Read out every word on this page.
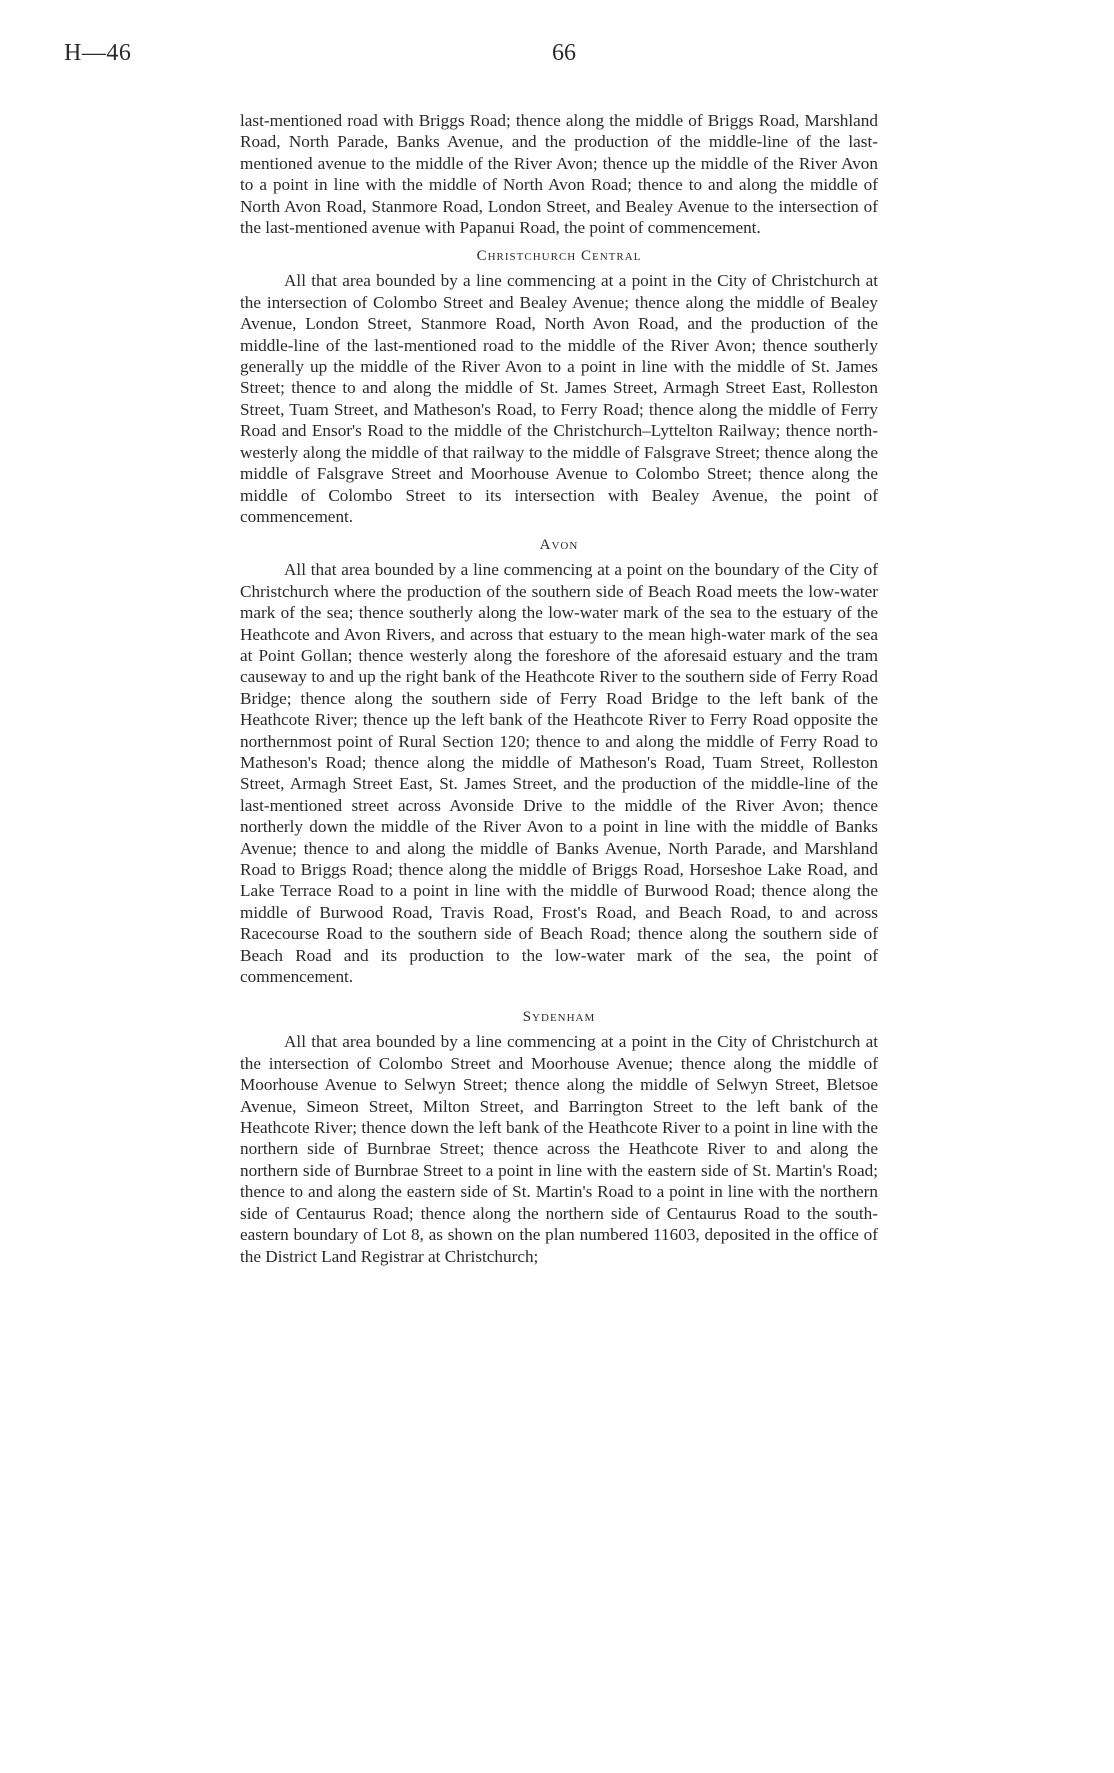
H—46	66

last-mentioned road with Briggs Road; thence along the middle of Briggs Road, Marshland Road, North Parade, Banks Avenue, and the production of the middle-line of the last-mentioned avenue to the middle of the River Avon; thence up the middle of the River Avon to a point in line with the middle of North Avon Road; thence to and along the middle of North Avon Road, Stanmore Road, London Street, and Bealey Avenue to the intersection of the last-mentioned avenue with Papanui Road, the point of commencement.

Christchurch Central

All that area bounded by a line commencing at a point in the City of Christchurch at the intersection of Colombo Street and Bealey Avenue; thence along the middle of Bealey Avenue, London Street, Stanmore Road, North Avon Road, and the production of the middle-line of the last-mentioned road to the middle of the River Avon; thence southerly generally up the middle of the River Avon to a point in line with the middle of St. James Street; thence to and along the middle of St. James Street, Armagh Street East, Rolleston Street, Tuam Street, and Matheson's Road, to Ferry Road; thence along the middle of Ferry Road and Ensor's Road to the middle of the Christchurch–Lyttelton Railway; thence north-westerly along the middle of that railway to the middle of Falsgrave Street; thence along the middle of Falsgrave Street and Moorhouse Avenue to Colombo Street; thence along the middle of Colombo Street to its intersection with Bealey Avenue, the point of commencement.

Avon

All that area bounded by a line commencing at a point on the boundary of the City of Christchurch where the production of the southern side of Beach Road meets the low-water mark of the sea; thence southerly along the low-water mark of the sea to the estuary of the Heathcote and Avon Rivers, and across that estuary to the mean high-water mark of the sea at Point Gollan; thence westerly along the foreshore of the aforesaid estuary and the tram causeway to and up the right bank of the Heathcote River to the southern side of Ferry Road Bridge; thence along the southern side of Ferry Road Bridge to the left bank of the Heathcote River; thence up the left bank of the Heathcote River to Ferry Road opposite the northernmost point of Rural Section 120; thence to and along the middle of Ferry Road to Matheson's Road; thence along the middle of Matheson's Road, Tuam Street, Rolleston Street, Armagh Street East, St. James Street, and the production of the middle-line of the last-mentioned street across Avonside Drive to the middle of the River Avon; thence northerly down the middle of the River Avon to a point in line with the middle of Banks Avenue; thence to and along the middle of Banks Avenue, North Parade, and Marshland Road to Briggs Road; thence along the middle of Briggs Road, Horseshoe Lake Road, and Lake Terrace Road to a point in line with the middle of Burwood Road; thence along the middle of Burwood Road, Travis Road, Frost's Road, and Beach Road, to and across Racecourse Road to the southern side of Beach Road; thence along the southern side of Beach Road and its production to the low-water mark of the sea, the point of commencement.

Sydenham

All that area bounded by a line commencing at a point in the City of Christchurch at the intersection of Colombo Street and Moorhouse Avenue; thence along the middle of Moorhouse Avenue to Selwyn Street; thence along the middle of Selwyn Street, Bletsoe Avenue, Simeon Street, Milton Street, and Barrington Street to the left bank of the Heathcote River; thence down the left bank of the Heathcote River to a point in line with the northern side of Burnbrae Street; thence across the Heathcote River to and along the northern side of Burnbrae Street to a point in line with the eastern side of St. Martin's Road; thence to and along the eastern side of St. Martin's Road to a point in line with the northern side of Centaurus Road; thence along the northern side of Centaurus Road to the south-eastern boundary of Lot 8, as shown on the plan numbered 11603, deposited in the office of the District Land Registrar at Christchurch;
